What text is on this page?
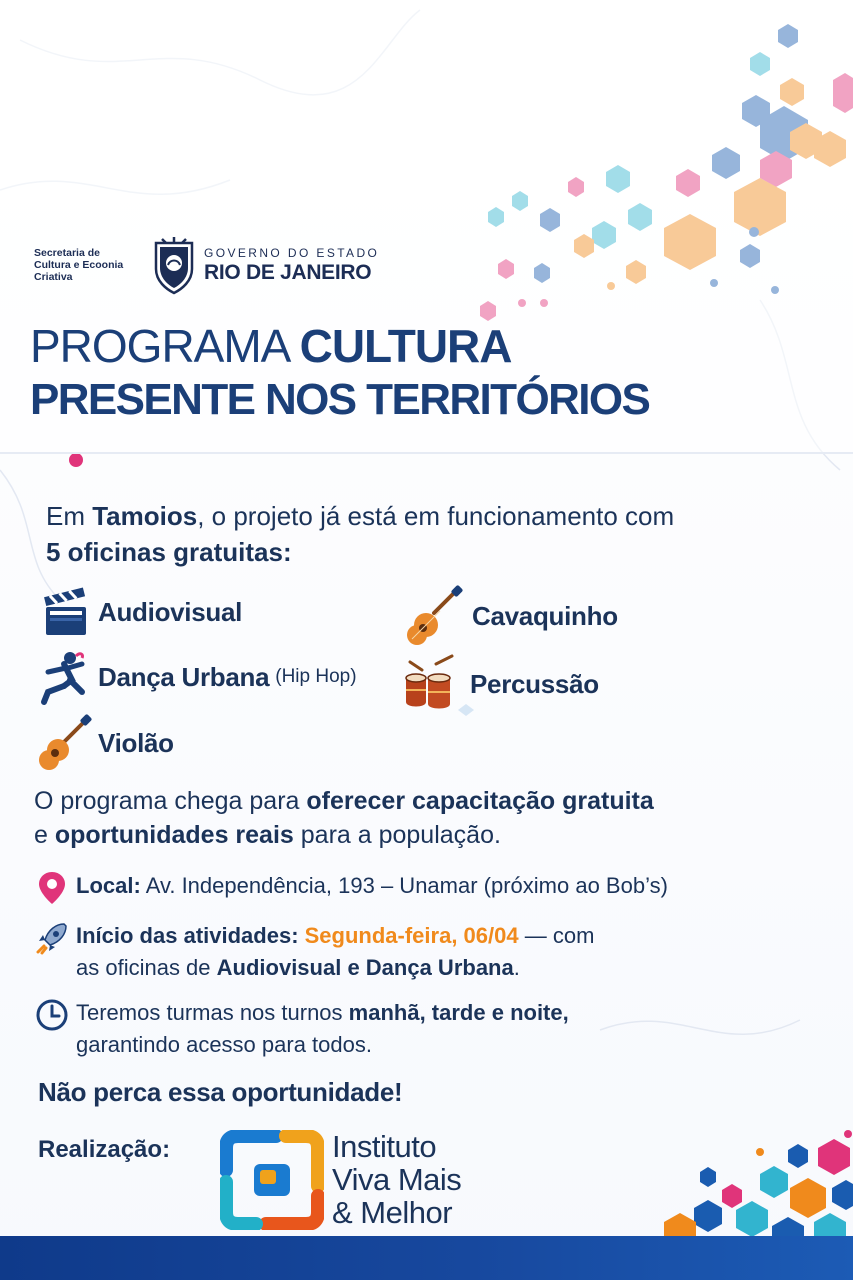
Secretaria de
Cultura e Ecoonia
Criativa
GOVERNO DO ESTADO
RIO DE JANEIRO
PROGRAMA CULTURA
PRESENTE NOS TERRITÓRIOS
Em Tamoios, o projeto já está em funcionamento com
5 oficinas gratuitas:
Audiovisual	Cavaquinho
Dança Urbana (Hip Hop)	Percussão
Violão
O programa chega para oferecer capacitação gratuita
e oportunidades reais para a população.
Local: Av. Independência, 193 – Unamar (próximo ao Bob’s)
Início das atividades: Segunda-feira, 06/04 — com
as oficinas de Audiovisual e Dança Urbana.
Teremos turmas nos turnos manhã, tarde e noite,
garantindo acesso para todos.
Não perca essa oportunidade!
Realização:	Instituto
Viva Mais
& Melhor
